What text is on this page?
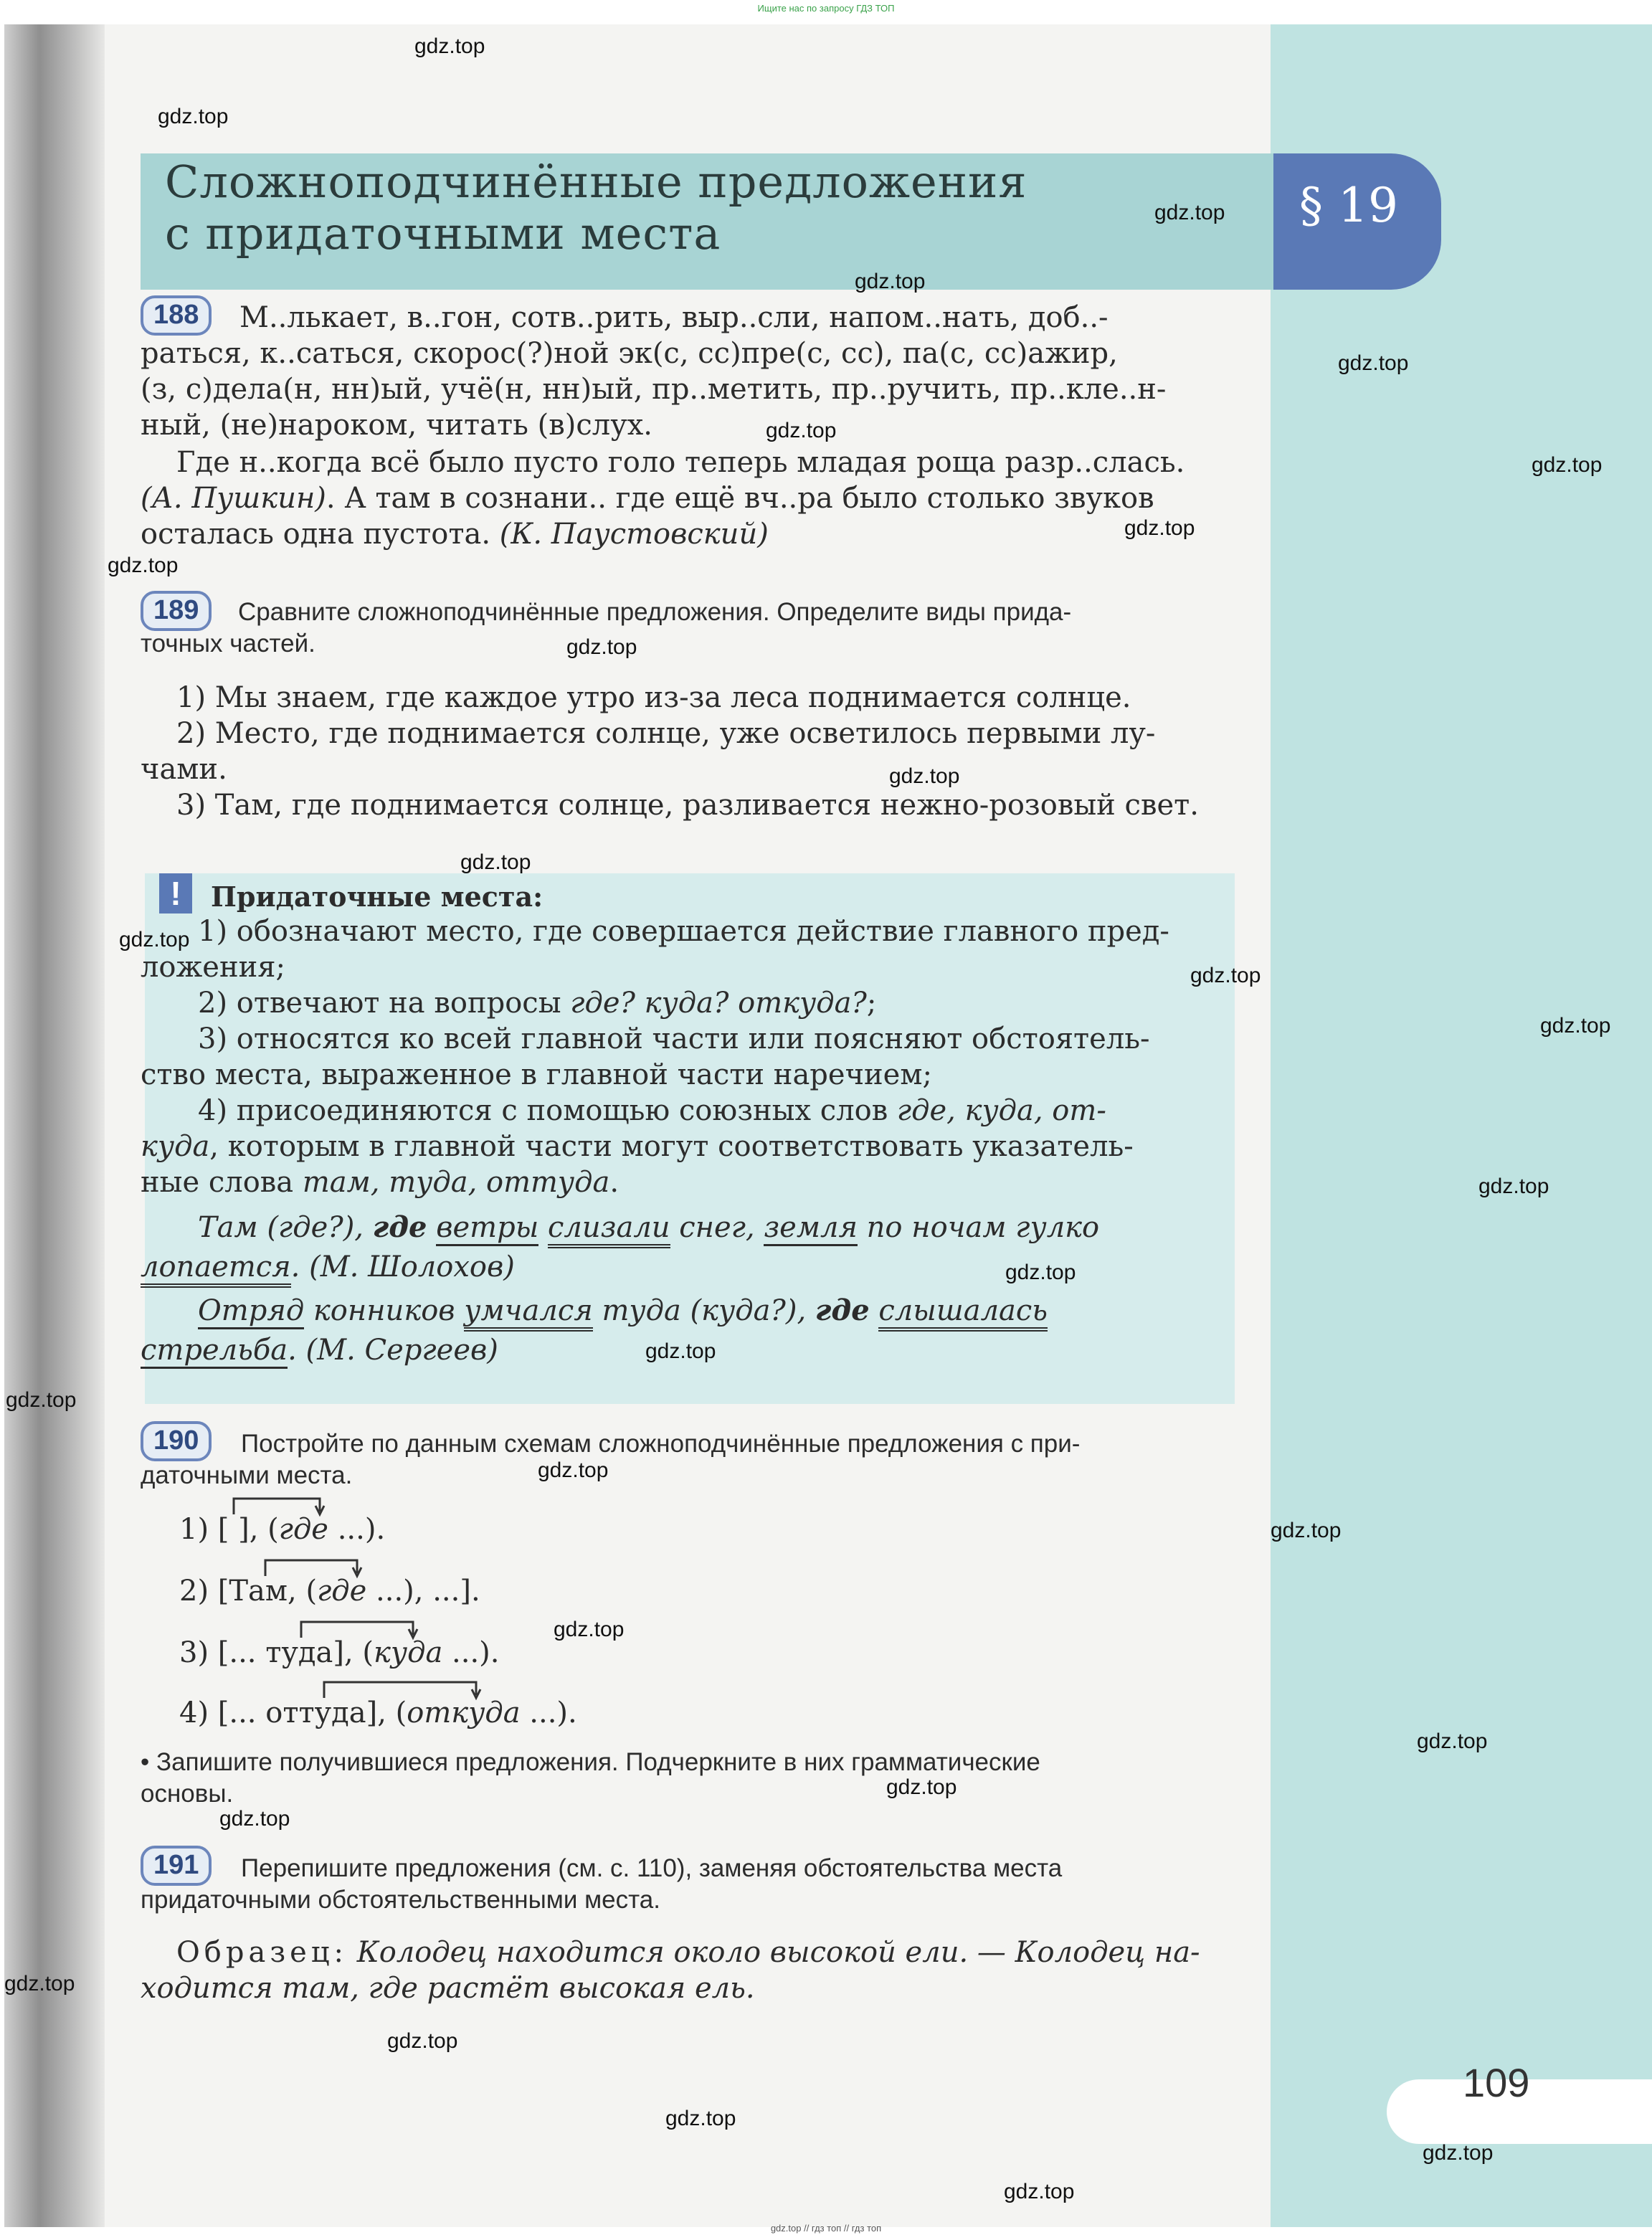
Ищите нас по запросу ГДЗ ТОП
Сложноподчинённые предложения
с придаточными места
§ 19
188	М..лькает, в..гон, сотв..рить, выр..сли, напом..нать, доб..-
раться, к..саться, скорос(?)ной эк(с, сс)пре(с, сс), па(с, сс)ажир,
(з, с)дела(н, нн)ый, учё(н, нн)ый, пр..метить, пр..ручить, пр..кле..н-
ный, (не)нароком, читать (в)слух.
Где н..когда всё было пусто голо теперь младая роща разр..слась.
(А. Пушкин). А там в сознани.. где ещё вч..ра было столько звуков
осталась одна пустота. (К. Паустовский)
189	Сравните сложноподчинённые предложения. Определите виды прида-
точных частей.
1) Мы знаем, где каждое утро из-за леса поднимается солнце.
2) Место, где поднимается солнце, уже осветилось первыми лу-
чами.
3) Там, где поднимается солнце, разливается нежно-розовый свет.
!	Придаточные места:
1) обозначают место, где совершается действие главного пред-
ложения;
2) отвечают на вопросы где? куда? откуда?;
3) относятся ко всей главной части или поясняют обстоятель-
ство места, выраженное в главной части наречием;
4) присоединяются с помощью союзных слов где, куда, от-
куда, которым в главной части могут соответствовать указатель-
ные слова там, туда, оттуда.
Там (где?), где ветры слизали снег, земля по ночам гулко
лопается. (М. Шолохов)
Отряд конников умчался туда (куда?), где слышалась
стрельба. (М. Сергеев)
190	Постройте по данным схемам сложноподчинённые предложения с при-
даточными места.
1) [ ], (где ...).
2) [Там, (где ...), ...].
3) [... туда], (куда ...).
4) [... оттуда], (откуда ...).
• Запишите получившиеся предложения. Подчеркните в них грамматические
основы.
191	Перепишите предложения (см. с. 110), заменяя обстоятельства места
придаточными обстоятельственными места.
Образец: Колодец находится около высокой ели. — Колодец на-
ходится там, где растёт высокая ель.
109
gdz.top
gdz.top
gdz.top
gdz.top
gdz.top
gdz.top
gdz.top
gdz.top
gdz.top
gdz.top
gdz.top
gdz.top
gdz.top
gdz.top
gdz.top
gdz.top
gdz.top
gdz.top
gdz.top
gdz.top
gdz.top
gdz.top
gdz.top
gdz.top
gdz.top
gdz.top
gdz.top
gdz.top
gdz.top
gdz.top
gdz.top // гдз топ // гдз топ
